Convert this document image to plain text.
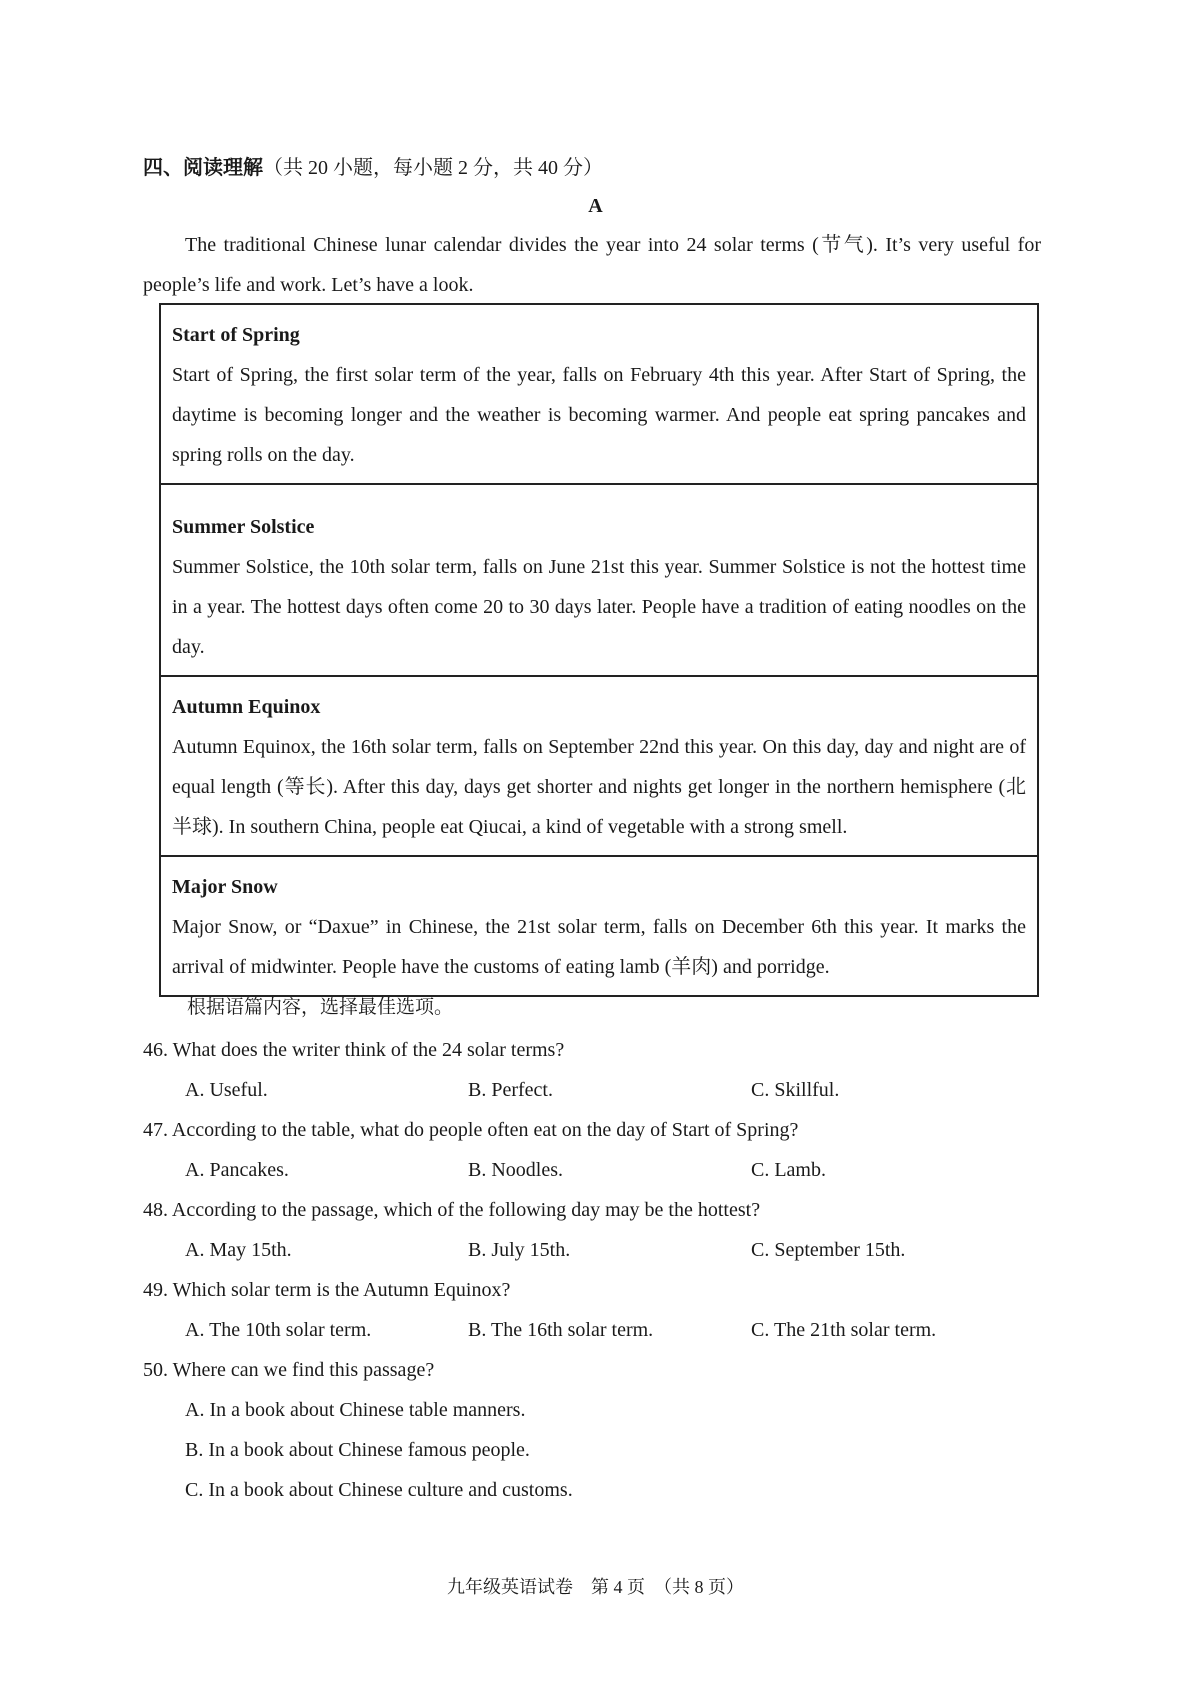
四、阅读理解（共 20 小题，每小题 2 分，共 40 分）
A
The traditional Chinese lunar calendar divides the year into 24 solar terms (节气). It’s very useful for people’s life and work. Let’s have a look.
Start of Spring
Start of Spring, the first solar term of the year, falls on February 4th this year. After Start of Spring, the daytime is becoming longer and the weather is becoming warmer. And people eat spring pancakes and spring rolls on the day.
Summer Solstice
Summer Solstice, the 10th solar term, falls on June 21st this year. Summer Solstice is not the hottest time in a year. The hottest days often come 20 to 30 days later. People have a tradition of eating noodles on the day.
Autumn Equinox
Autumn Equinox, the 16th solar term, falls on September 22nd this year. On this day, day and night are of equal length (等长). After this day, days get shorter and nights get longer in the northern hemisphere (北半球). In southern China, people eat Qiucai, a kind of vegetable with a strong smell.
Major Snow
Major Snow, or “Daxue” in Chinese, the 21st solar term, falls on December 6th this year. It marks the arrival of midwinter. People have the customs of eating lamb (羊肉) and porridge.
根据语篇内容，选择最佳选项。
46. What does the writer think of the 24 solar terms?
A. Useful.	B. Perfect.	C. Skillful.
47. According to the table, what do people often eat on the day of Start of Spring?
A. Pancakes.	B. Noodles.	C. Lamb.
48. According to the passage, which of the following day may be the hottest?
A. May 15th.	B. July 15th.	C. September 15th.
49. Which solar term is the Autumn Equinox?
A. The 10th solar term.	B. The 16th solar term.	C. The 21th solar term.
50. Where can we find this passage?
A. In a book about Chinese table manners.
B. In a book about Chinese famous people.
C. In a book about Chinese culture and customs.
九年级英语试卷　第 4 页　（共 8 页）
